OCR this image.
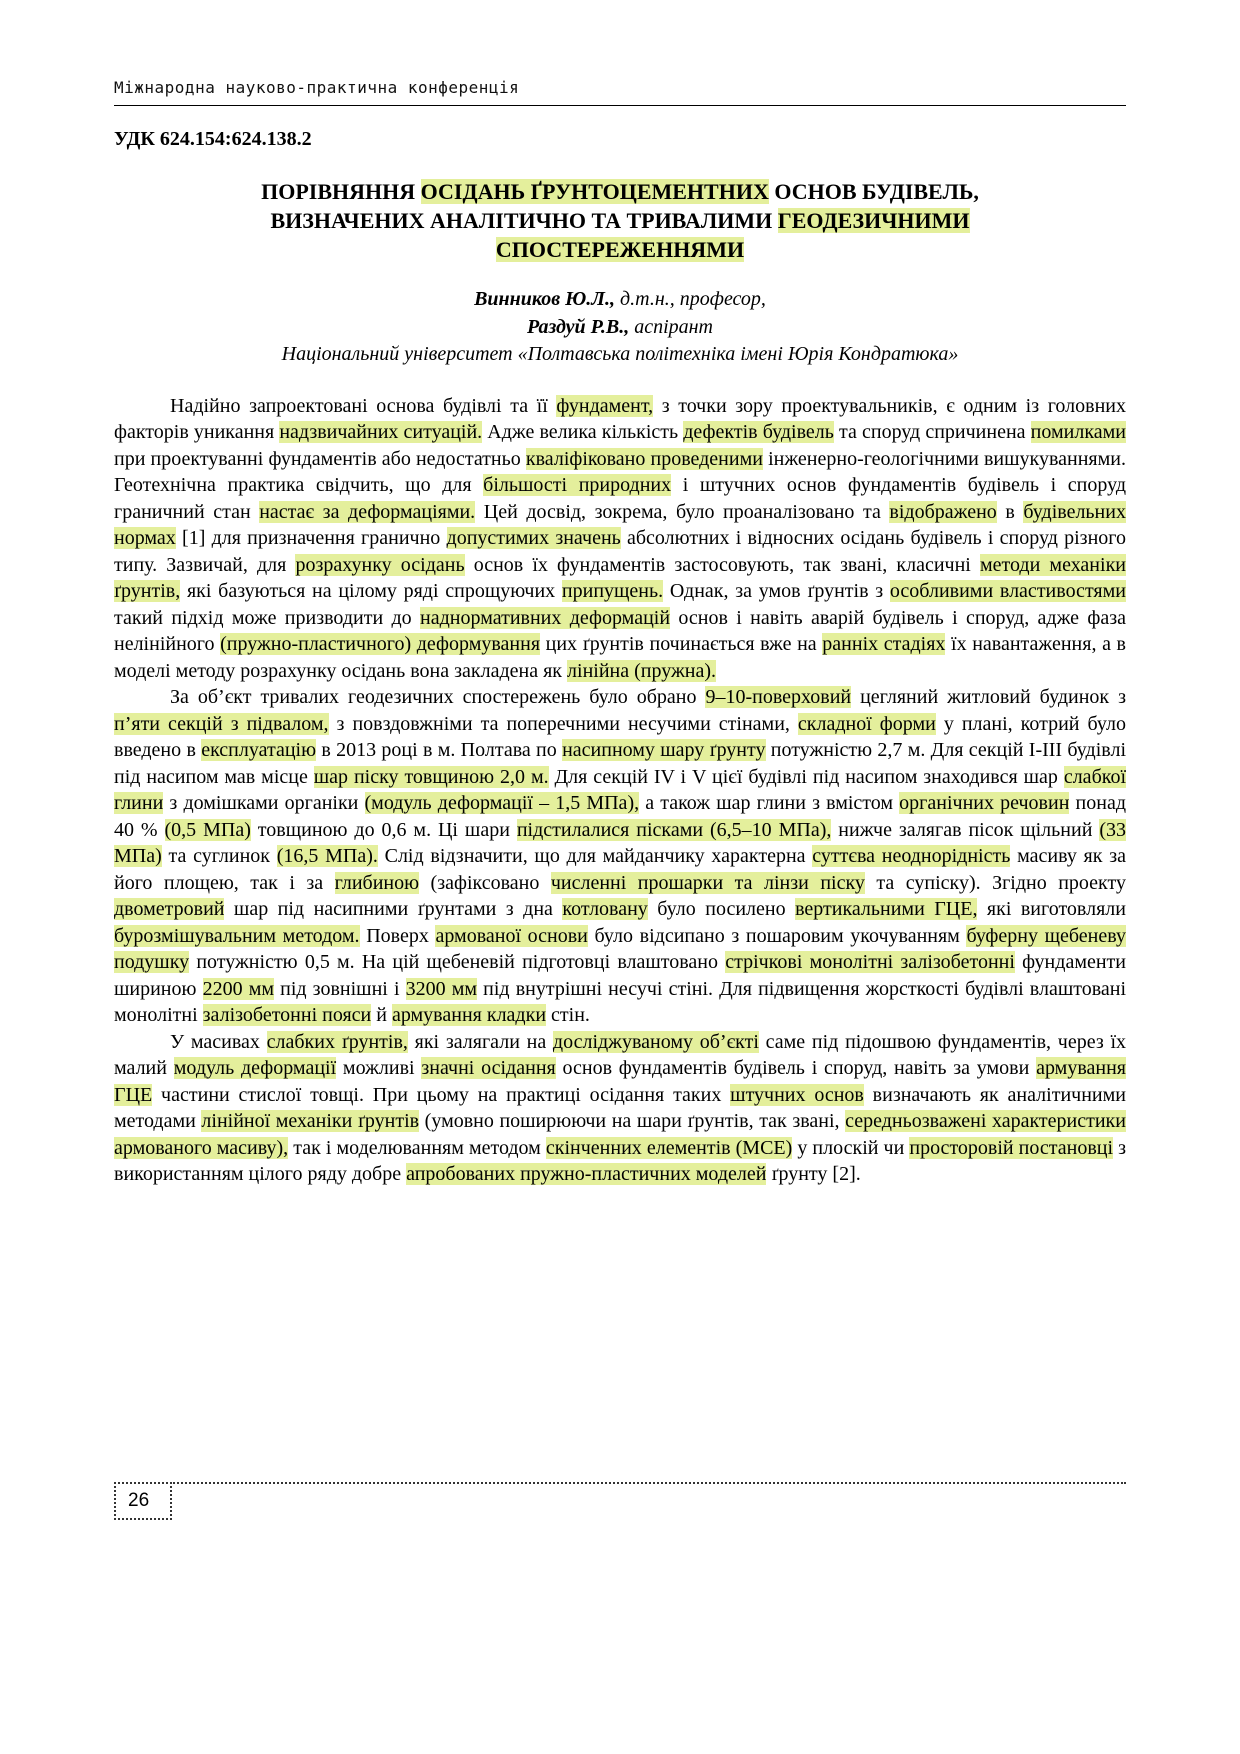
Міжнародна науково-практична конференція
УДК 624.154:624.138.2
ПОРІВНЯННЯ ОСІДАНЬ ҐРУНТОЦЕМЕНТНИХ ОСНОВ БУДІВЕЛЬ,
ВИЗНАЧЕНИХ АНАЛІТИЧНО ТА ТРИВАЛИМИ ГЕОДЕЗИЧНИМИ
СПОСТЕРЕЖЕННЯМИ
Винников Ю.Л., д.т.н., професор,
Раздуй Р.В., аспірант
Національний університет «Полтавська політехніка імені Юрія Кондратюка»

Надійно запроектовані основа будівлі та її фундамент, з точки зору проектувальників, є одним із головних факторів уникання надзвичайних ситуацій. Адже велика кількість дефектів будівель та споруд спричинена помилками при проектуванні фундаментів або недостатньо кваліфіковано проведеними інженерно-геологічними вишукуваннями. Геотехнічна практика свідчить, що для більшості природних і штучних основ фундаментів будівель і споруд граничний стан настає за деформаціями. Цей досвід, зокрема, було проаналізовано та відображено в будівельних нормах [1] для призначення гранично допустимих значень абсолютних і відносних осідань будівель і споруд різного типу. Зазвичай, для розрахунку осідань основ їх фундаментів застосовують, так звані, класичні методи механіки ґрунтів, які базуються на цілому ряді спрощуючих припущень. Однак, за умов ґрунтів з особливими властивостями такий підхід може призводити до наднормативних деформацій основ і навіть аварій будівель і споруд, адже фаза нелінійного (пружно-пластичного) деформування цих ґрунтів починається вже на ранніх стадіях їх навантаження, а в моделі методу розрахунку осідань вона закладена як лінійна (пружна).

За об’єкт тривалих геодезичних спостережень було обрано 9–10-поверховий цегляний житловий будинок з п’яти секцій з підвалом, з повздовжніми та поперечними несучими стінами, складної форми у плані, котрий було введено в експлуатацію в 2013 році в м. Полтава по насипному шару ґрунту потужністю 2,7 м. Для секцій I-III будівлі під насипом мав місце шар піску товщиною 2,0 м. Для секцій IV і V цієї будівлі під насипом знаходився шар слабкої глини з домішками органіки (модуль деформації – 1,5 МПа), а також шар глини з вмістом органічних речовин понад 40 % (0,5 МПа) товщиною до 0,6 м. Ці шари підстилалися пісками (6,5–10 МПа), нижче залягав пісок щільний (33 МПа) та суглинок (16,5 МПа). Слід відзначити, що для майданчику характерна суттєва неоднорідність масиву як за його площею, так і за глибиною (зафіксовано численні прошарки та лінзи піску та супіску). Згідно проекту двометровий шар під насипними ґрунтами з дна котловану було посилено вертикальними ГЦЕ, які виготовляли бурозмішувальним методом. Поверх армованої основи було відсипано з пошаровим укочуванням буферну щебеневу подушку потужністю 0,5 м. На цій щебеневій підготовці влаштовано стрічкові монолітні залізобетонні фундаменти шириною 2200 мм під зовнішні і 3200 мм під внутрішні несучі стіні. Для підвищення жорсткості будівлі влаштовані монолітні залізобетонні пояси й армування кладки стін.

У масивах слабких ґрунтів, які залягали на досліджуваному об’єкті саме під підошвою фундаментів, через їх малий модуль деформації можливі значні осідання основ фундаментів будівель і споруд, навіть за умови армування ГЦЕ частини стислої товщі. При цьому на практиці осідання таких штучних основ визначають як аналітичними методами лінійної механіки ґрунтів (умовно поширюючи на шари ґрунтів, так звані, середньозважені характеристики армованого масиву), так і моделюванням методом скінченних елементів (МСЕ) у плоскій чи просторовій постановці з використанням цілого ряду добре апробованих пружно-пластичних моделей ґрунту [2].

26
